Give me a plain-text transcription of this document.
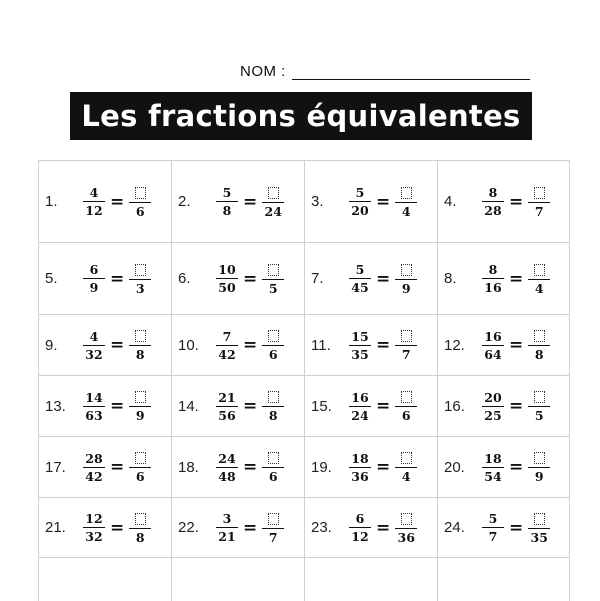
NOM :
Les fractions équivalentes
1.	$\frac{4}{12} = 6$
2.	$\frac{5}{8} = 24$
3.	$\frac{5}{20} = 4$
4.	$\frac{8}{28} = 7$
5.	$\frac{6}{9} = 3$
6.	$\frac{10}{50} = 5$
7.	$\frac{5}{45} = 9$
8.	$\frac{8}{16} = 4$
9.	$\frac{4}{32} = 8$
10.	$\frac{7}{42} = 6$
11.	$\frac{15}{35} = 7$
12.	$\frac{16}{64} = 8$
13.	$\frac{14}{63} = 9$
14.	$\frac{21}{56} = 8$
15.	$\frac{16}{24} = 6$
16.	$\frac{20}{25} = 5$
17.	$\frac{28}{42} = 6$
18.	$\frac{24}{48} = 6$
19.	$\frac{18}{36} = 4$
20.	$\frac{18}{54} = 9$
21.	$\frac{12}{32} = 8$
22.	$\frac{3}{21} = 7$
23.	$\frac{6}{12} = 36$
24.	$\frac{5}{7} = 35$
